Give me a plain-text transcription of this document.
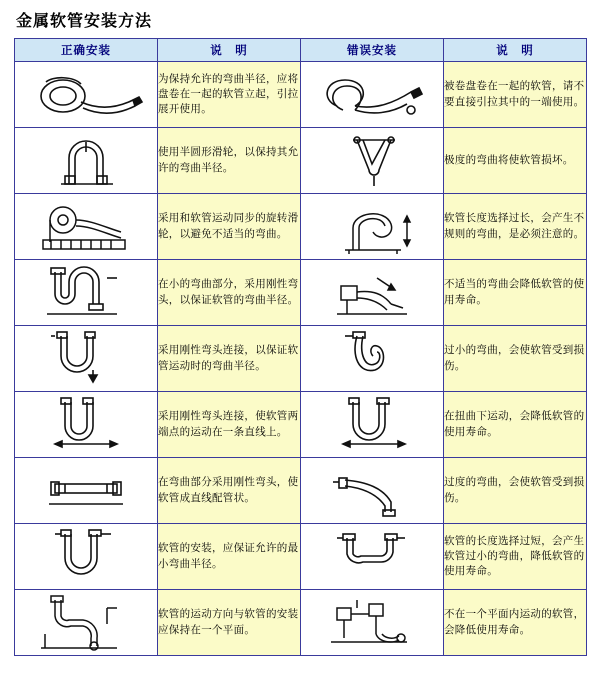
金属软管安装方法
正确安装	说　明	错误安装	说　明

	为保持允许的弯曲半径，应将盘卷在一起的软管立起，引拉展开使用。		被卷盘卷在一起的软管，请不要直接引拉其中的一端使用。

	使用半圆形滑轮，以保持其允许的弯曲半径。		极度的弯曲将使软管损坏。

	采用和软管运动同步的旋转滑轮，以避免不适当的弯曲。		软管长度选择过长，会产生不规则的弯曲，是必须注意的。

	在小的弯曲部分，采用刚性弯头，以保证软管的弯曲半径。		不适当的弯曲会降低软管的使用寿命。

	采用刚性弯头连接，以保证软管运动时的弯曲半径。		过小的弯曲，会使软管受到损伤。

	采用刚性弯头连接，使软管两端点的运动在一条直线上。		在扭曲下运动，会降低软管的使用寿命。

	在弯曲部分采用刚性弯头，使软管成直线配管状。		过度的弯曲，会使软管受到损伤。

	软管的安装，应保证允许的最小弯曲半径。		软管的长度选择过短，会产生软管过小的弯曲，降低软管的使用寿命。

	软管的运动方向与软管的安装应保持在一个平面。		不在一个平面内运动的软管，会降低使用寿命。
